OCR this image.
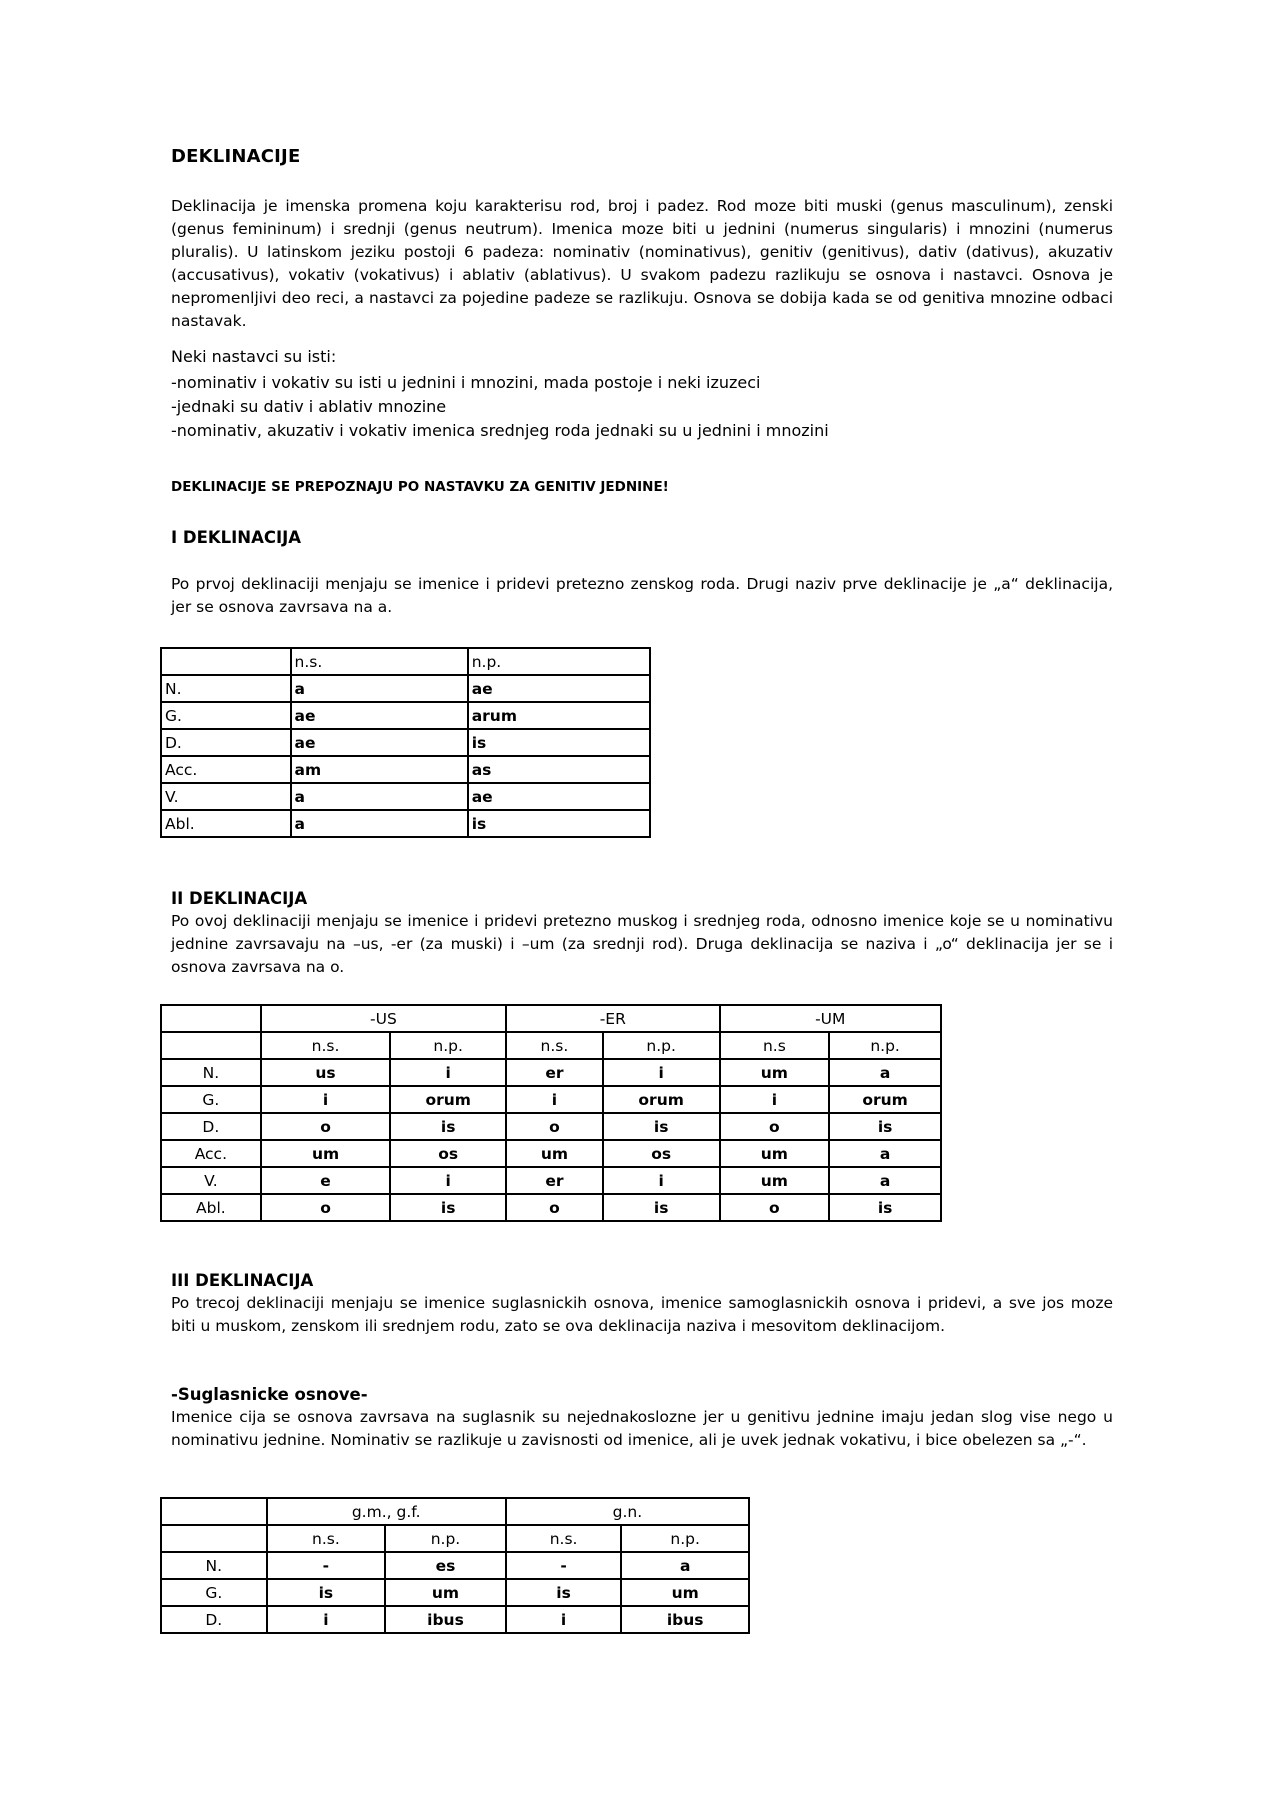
DEKLINACIJE

Deklinacija je imenska promena koju karakterisu rod, broj i padez. Rod moze biti muski (genus masculinum), zenski (genus femininum) i srednji (genus neutrum). Imenica moze biti u jednini (numerus singularis) i mnozini (numerus pluralis). U latinskom jeziku postoji 6 padeza: nominativ (nominativus), genitiv (genitivus), dativ (dativus), akuzativ (accusativus), vokativ (vokativus) i ablativ (ablativus). U svakom padezu razlikuju se osnova i nastavci. Osnova je nepromenljivi deo reci, a nastavci za pojedine padeze se razlikuju. Osnova se dobija kada se od genitiva mnozine odbaci nastavak.

Neki nastavci su isti:
-nominativ i vokativ su isti u jednini i mnozini, mada postoje i neki izuzeci
-jednaki su dativ i ablativ mnozine
-nominativ, akuzativ i vokativ imenica srednjeg roda jednaki su u jednini i mnozini
DEKLINACIJE SE PREPOZNAJU PO NASTAVKU ZA GENITIV JEDNINE!
I DEKLINACIJA

Po prvoj deklinaciji menjaju se imenice i pridevi pretezno zenskog roda. Drugi naziv prve deklinacije je „a“ deklinacija, jer se osnova zavrsava na a.

	n.s.	n.p.
N.	a	ae
G.	ae	arum
D.	ae	is
Acc.	am	as
V.	a	ae
Abl.	a	is
II DEKLINACIJA

Po ovoj deklinaciji menjaju se imenice i pridevi pretezno muskog i srednjeg roda, odnosno imenice koje se u nominativu jednine zavrsavaju na –us, -er (za muski) i –um (za srednji rod). Druga deklinacija se naziva i „o“ deklinacija jer se i osnova zavrsava na o.

	-US		-ER		-UM	
	n.s.	n.p.	n.s.	n.p.	n.s	n.p.
N.	us	i	er	i	um	a
G.	i	orum	i	orum	i	orum
D.	o	is	o	is	o	is
Acc.	um	os	um	os	um	a
V.	e	i	er	i	um	a
Abl.	o	is	o	is	o	is
III DEKLINACIJA

Po trecoj deklinaciji menjaju se imenice suglasnickih osnova, imenice samoglasnickih osnova i pridevi, a sve jos moze biti u muskom, zenskom ili srednjem rodu, zato se ova deklinacija naziva i mesovitom deklinacijom.

-Suglasnicke osnove-

Imenice cija se osnova zavrsava na suglasnik su nejednakoslozne jer u genitivu jednine imaju jedan slog vise nego u nominativu jednine. Nominativ se razlikuje u zavisnosti od imenice, ali je uvek jednak vokativu, i bice obelezen sa „-“.

	g.m., g.f.		g.n.	
	n.s.	n.p.	n.s.	n.p.
N.	-	es	-	a
G.	is	um	is	um
D.	i	ibus	i	ibus
